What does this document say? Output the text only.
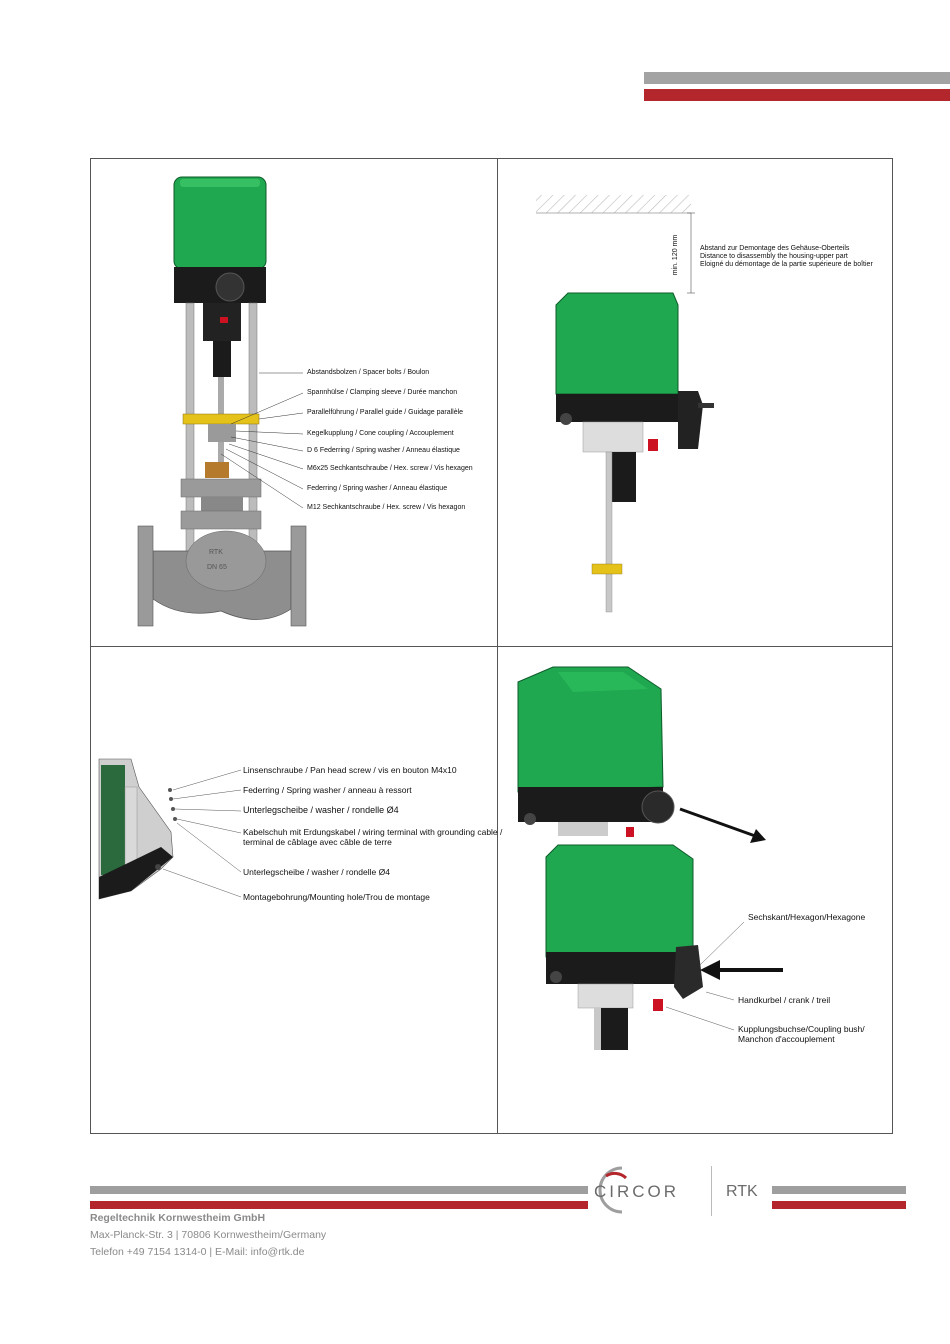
RTK
DN 65
Abstandsbolzen / Spacer bolts / Boulon
Spannhülse / Clamping sleeve / Durée manchon
Parallelführung / Parallel guide / Guidage parallèle
Kegelkupplung / Cone coupling / Accouplement
D 6 Federring / Spring washer / Anneau élastique
M6x25 Sechkantschraube / Hex. screw / Vis hexagen
Federring / Spring washer / Anneau élastique
M12 Sechkantschraube / Hex. screw / Vis hexagon
min. 120 mm	Abstand zur Demontage des Gehäuse-Oberteils
Distance to disassembly the housing-upper part
Eloigné du démontage de la partie supérieure de boîtier
Linsenschraube / Pan head screw / vis en bouton M4x10
Federring / Spring washer / anneau à ressort
Unterlegscheibe / washer / rondelle Ø4
Kabelschuh mit Erdungskabel / wiring terminal with grounding cable /
terminal de câblage avec câble de terre
Unterlegscheibe / washer / rondelle Ø4
Montagebohrung/Mounting hole/Trou de montage
Sechskant/Hexagon/Hexagone
Handkurbel / crank / treil
Kupplungsbuchse/Coupling bush/
Manchon d'accouplement
CIRCOR	RTK
Regeltechnik Kornwestheim GmbH
Max-Planck-Str. 3 | 70806 Kornwestheim/Germany
Telefon +49 7154 1314-0 | E-Mail: info@rtk.de
